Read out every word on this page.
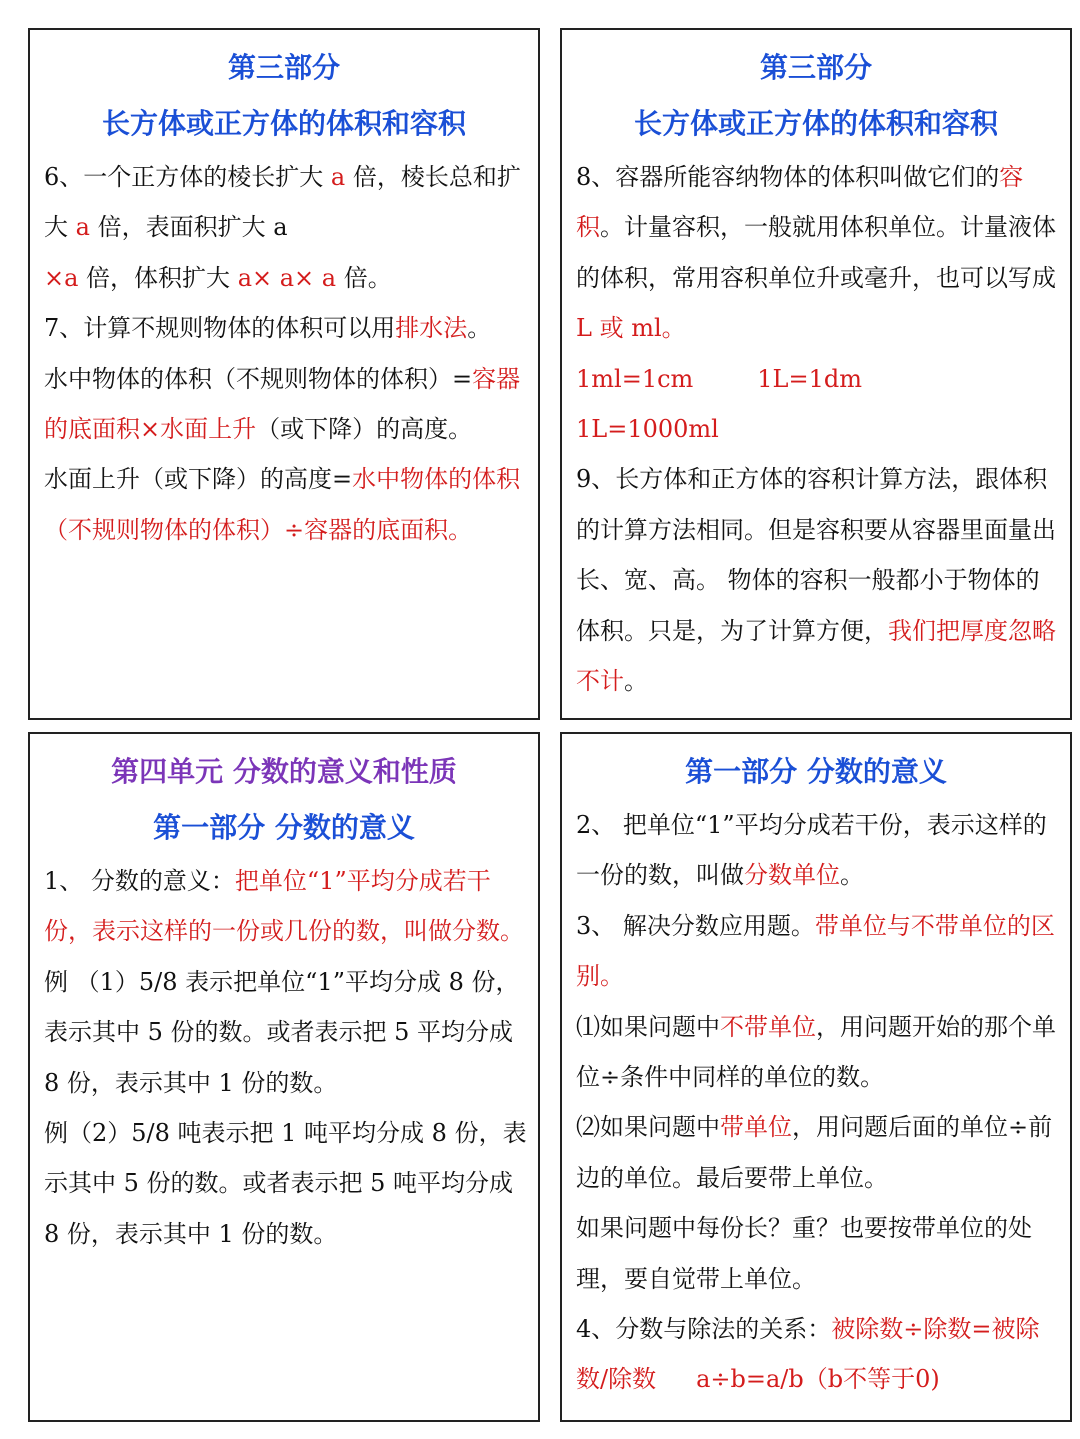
第三部分

长方体或正方体的体积和容积

6、一个正方体的棱长扩大 a 倍，棱长总和扩大 a 倍，表面积扩大 a
×a 倍，体积扩大 a× a× a 倍。

7、计算不规则物体的体积可以用排水法。

水中物体的体积（不规则物体的体积）=容器的底面积×水面上升（或下降）的高度。

水面上升（或下降）的高度=水中物体的体积（不规则物体的体积）÷容器的底面积。

第三部分

长方体或正方体的体积和容积

8、容器所能容纳物体的体积叫做它们的容积。计量容积，一般就用体积单位。计量液体的体积，常用容积单位升或毫升，也可以写成 L 或 ml。

1ml=1cm	1L=1dm1L=1000ml

9、长方体和正方体的容积计算方法，跟体积的计算方法相同。但是容积要从容器里面量出长、宽、高。 物体的容积一般都小于物体的体积。只是，为了计算方便，我们把厚度忽略不计。

第四单元 分数的意义和性质

第一部分 分数的意义

1、 分数的意义：把单位“1”平均分成若干份，表示这样的一份或几份的数，叫做分数。

例 （1）5/8 表示把单位“1”平均分成 8 份，表示其中 5 份的数。或者表示把 5 平均分成 8 份，表示其中 1 份的数。

例（2）5/8 吨表示把 1 吨平均分成 8 份，表示其中 5 份的数。或者表示把 5 吨平均分成 8 份，表示其中 1 份的数。

第一部分 分数的意义

2、 把单位“1”平均分成若干份，表示这样的一份的数，叫做分数单位。

3、 解决分数应用题。带单位与不带单位的区别。

⑴如果问题中不带单位，用问题开始的那个单位÷条件中同样的单位的数。

⑵如果问题中带单位，用问题后面的单位÷前边的单位。最后要带上单位。

如果问题中每份长？重？也要按带单位的处理，要自觉带上单位。

4、分数与除法的关系：被除数÷除数=被除数/除数 a÷b=a/b（b不等于0)
